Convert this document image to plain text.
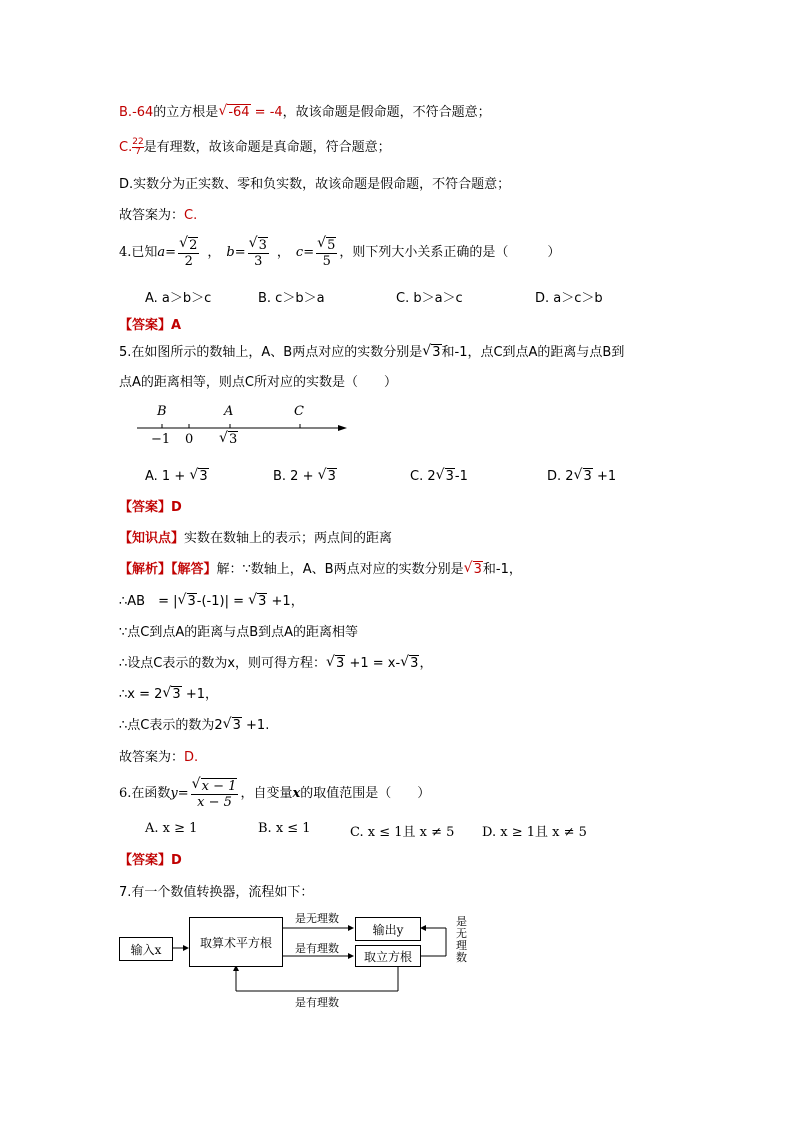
B.-64的立方根是 √ -64 = -4，故该命题是假命题，不符合题意；
C. $\frac{22}{7}$ 是有理数，故该命题是真命题，符合题意；
D.实数分为正实数、零和负实数，故该命题是假命题，不符合题意；
故答案为：C.
4.已知 a = √ $\frac{2}{2}$ ， b = √ $\frac{3}{3}$ ， c = √ $\frac{5}{5}$ ，则下列大小关系正确的是（　　　）
A. a＞b＞c	B. c＞b＞a	C. b＞a＞c	D. a＞c＞b
【答案】A
5.在如图所示的数轴上，A、B两点对应的实数分别是 √ 3和-1，点C到点A的距离与点B到
点A的距离相等，则点C所对应的实数是（　　）
B	A	C
−1 0	√ 3
A. 1 + √ 3	B. 2 + √ 3	C. 2 √ 3-1	D. 2 √ 3 +1
【答案】D
【知识点】实数在数轴上的表示；两点间的距离
【解析】【解答】解：∵数轴上，A、B两点对应的实数分别是 √ 3和-1，
∴AB　= | √ 3-(-1)| = √ 3 +1，
∵点C到点A的距离与点B到点A的距离相等
∴设点C表示的数为x，则可得方程： √ 3 +1 = x- √ 3，
∴x = 2 √ 3 +1，
∴点C表示的数为2 √ 3 +1.
故答案为：D.
6.在函数 y = √ $\frac{x - 1}{x - 5}$ ，自变量 x 的取值范围是（　　）
A. x ≥ 1	B. x ≤ 1	C. x ≤ 1且 x ≠ 5 D. x ≥ 1且 x ≠ 5
【答案】D
7.有一个数值转换器，流程如下：
输入x	取算术平方根
输出y
取立方根
是无理数
是有理数
是有理数
是
无
理
数
